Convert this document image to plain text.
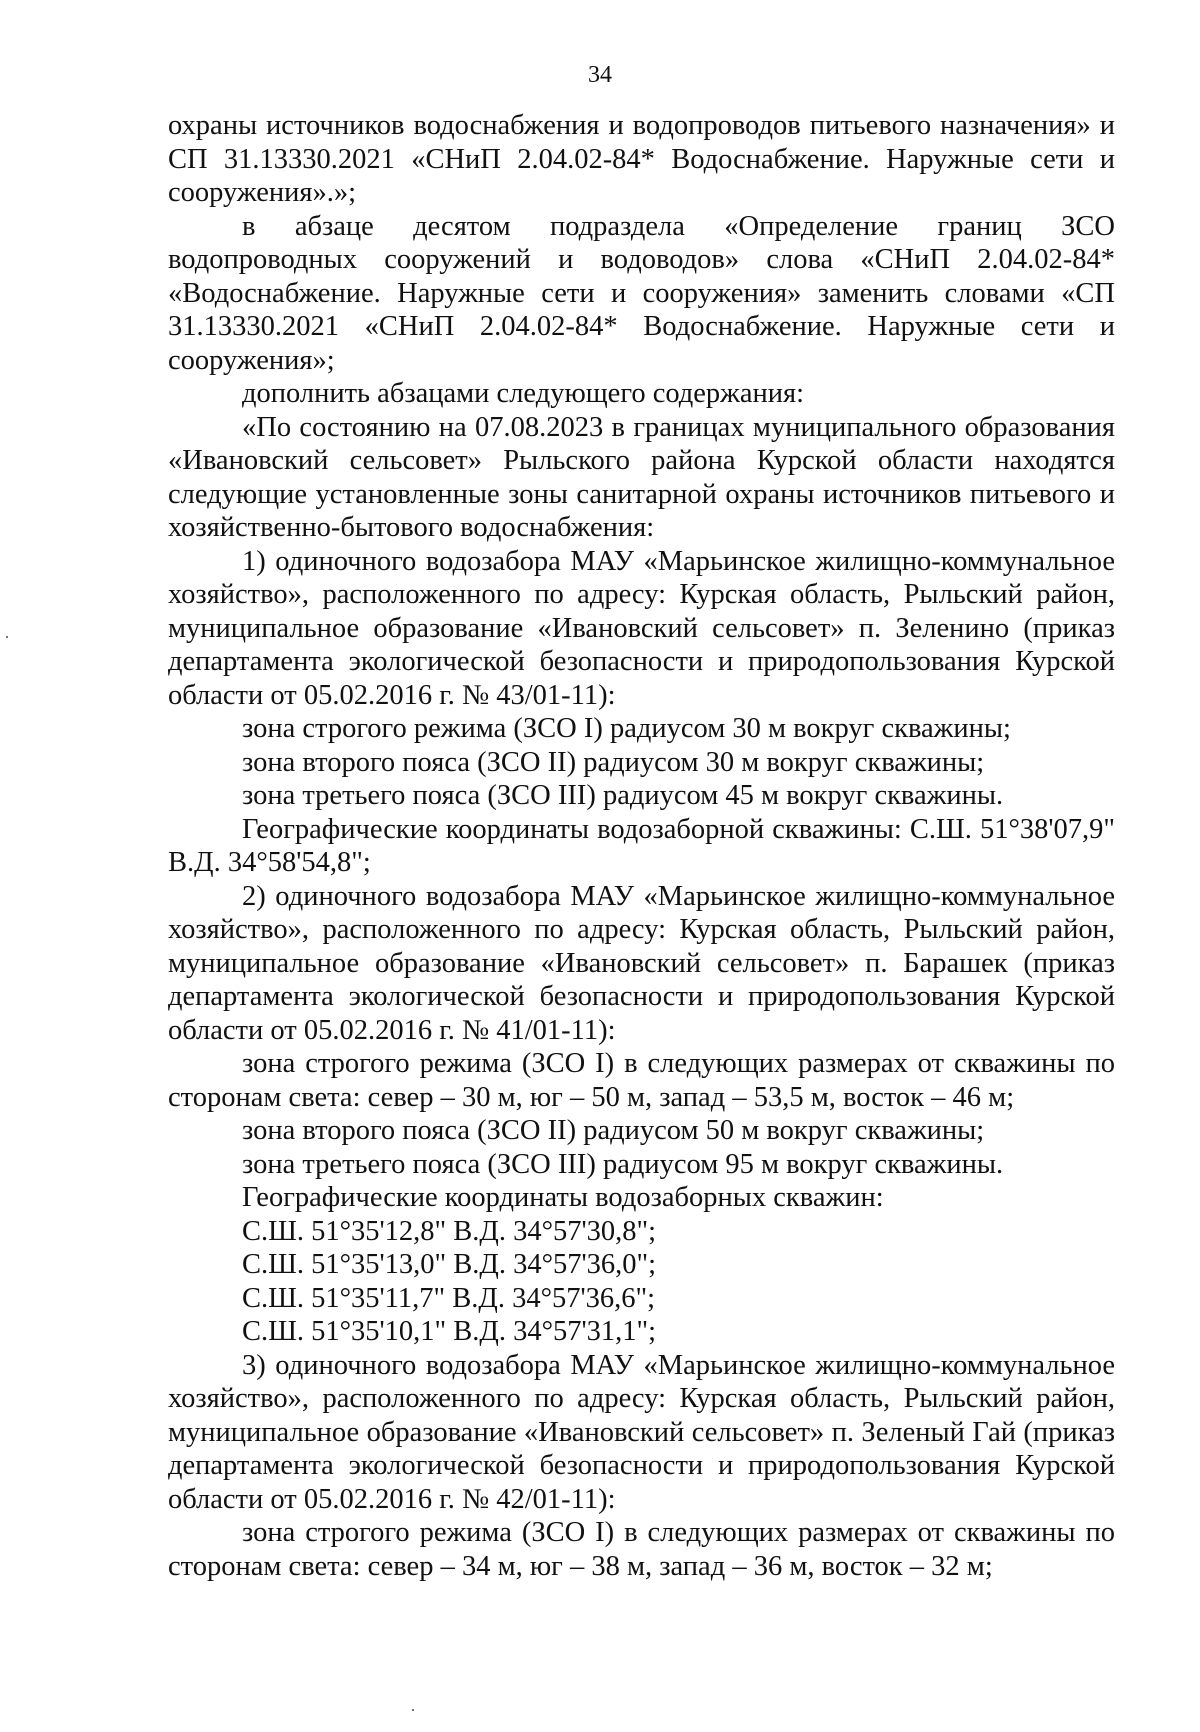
34

охраны источников водоснабжения и водопроводов питьевого назначения» и СП 31.13330.2021 «СНиП 2.04.02-84* Водоснабжение. Наружные сети и сооружения».»;

в абзаце десятом подраздела «Определение границ ЗСО водопроводных сооружений и водоводов» слова «СНиП 2.04.02-84* «Водоснабжение. Наружные сети и сооружения» заменить словами «СП 31.13330.2021 «СНиП 2.04.02-84* Водоснабжение. Наружные сети и сооружения»;

дополнить абзацами следующего содержания:

«По состоянию на 07.08.2023 в границах муниципального образования «Ивановский сельсовет» Рыльского района Курской области находятся следующие установленные зоны санитарной охраны источников питьевого и хозяйственно-бытового водоснабжения:

1) одиночного водозабора МАУ «Марьинское жилищно-коммунальное хозяйство», расположенного по адресу: Курская область, Рыльский район, муниципальное образование «Ивановский сельсовет» п. Зеленино (приказ департамента экологической безопасности и природопользования Курской области от 05.02.2016 г. № 43/01-11):

зона строгого режима (ЗСО I) радиусом 30 м вокруг скважины;

зона второго пояса (ЗСО II) радиусом 30 м вокруг скважины;

зона третьего пояса (ЗСО III) радиусом 45 м вокруг скважины.

Географические координаты водозаборной скважины: С.Ш. 51°38'07,9" В.Д. 34°58'54,8";

2) одиночного водозабора МАУ «Марьинское жилищно-коммунальное хозяйство», расположенного по адресу: Курская область, Рыльский район, муниципальное образование «Ивановский сельсовет» п. Барашек (приказ департамента экологической безопасности и природопользования Курской области от 05.02.2016 г. № 41/01-11):

зона строгого режима (ЗСО I) в следующих размерах от скважины по сторонам света: север – 30 м, юг – 50 м, запад – 53,5 м, восток – 46 м;

зона второго пояса (ЗСО II) радиусом 50 м вокруг скважины;

зона третьего пояса (ЗСО III) радиусом 95 м вокруг скважины.

Географические координаты водозаборных скважин:

С.Ш. 51°35'12,8" В.Д. 34°57'30,8";

С.Ш. 51°35'13,0" В.Д. 34°57'36,0";

С.Ш. 51°35'11,7" В.Д. 34°57'36,6";

С.Ш. 51°35'10,1" В.Д. 34°57'31,1";

3) одиночного водозабора МАУ «Марьинское жилищно-коммунальное хозяйство», расположенного по адресу: Курская область, Рыльский район, муниципальное образование «Ивановский сельсовет» п. Зеленый Гай (приказ департамента экологической безопасности и природопользования Курской области от 05.02.2016 г. № 42/01-11):

зона строгого режима (ЗСО I) в следующих размерах от скважины по сторонам света: север – 34 м, юг – 38 м, запад – 36 м, восток – 32 м;
